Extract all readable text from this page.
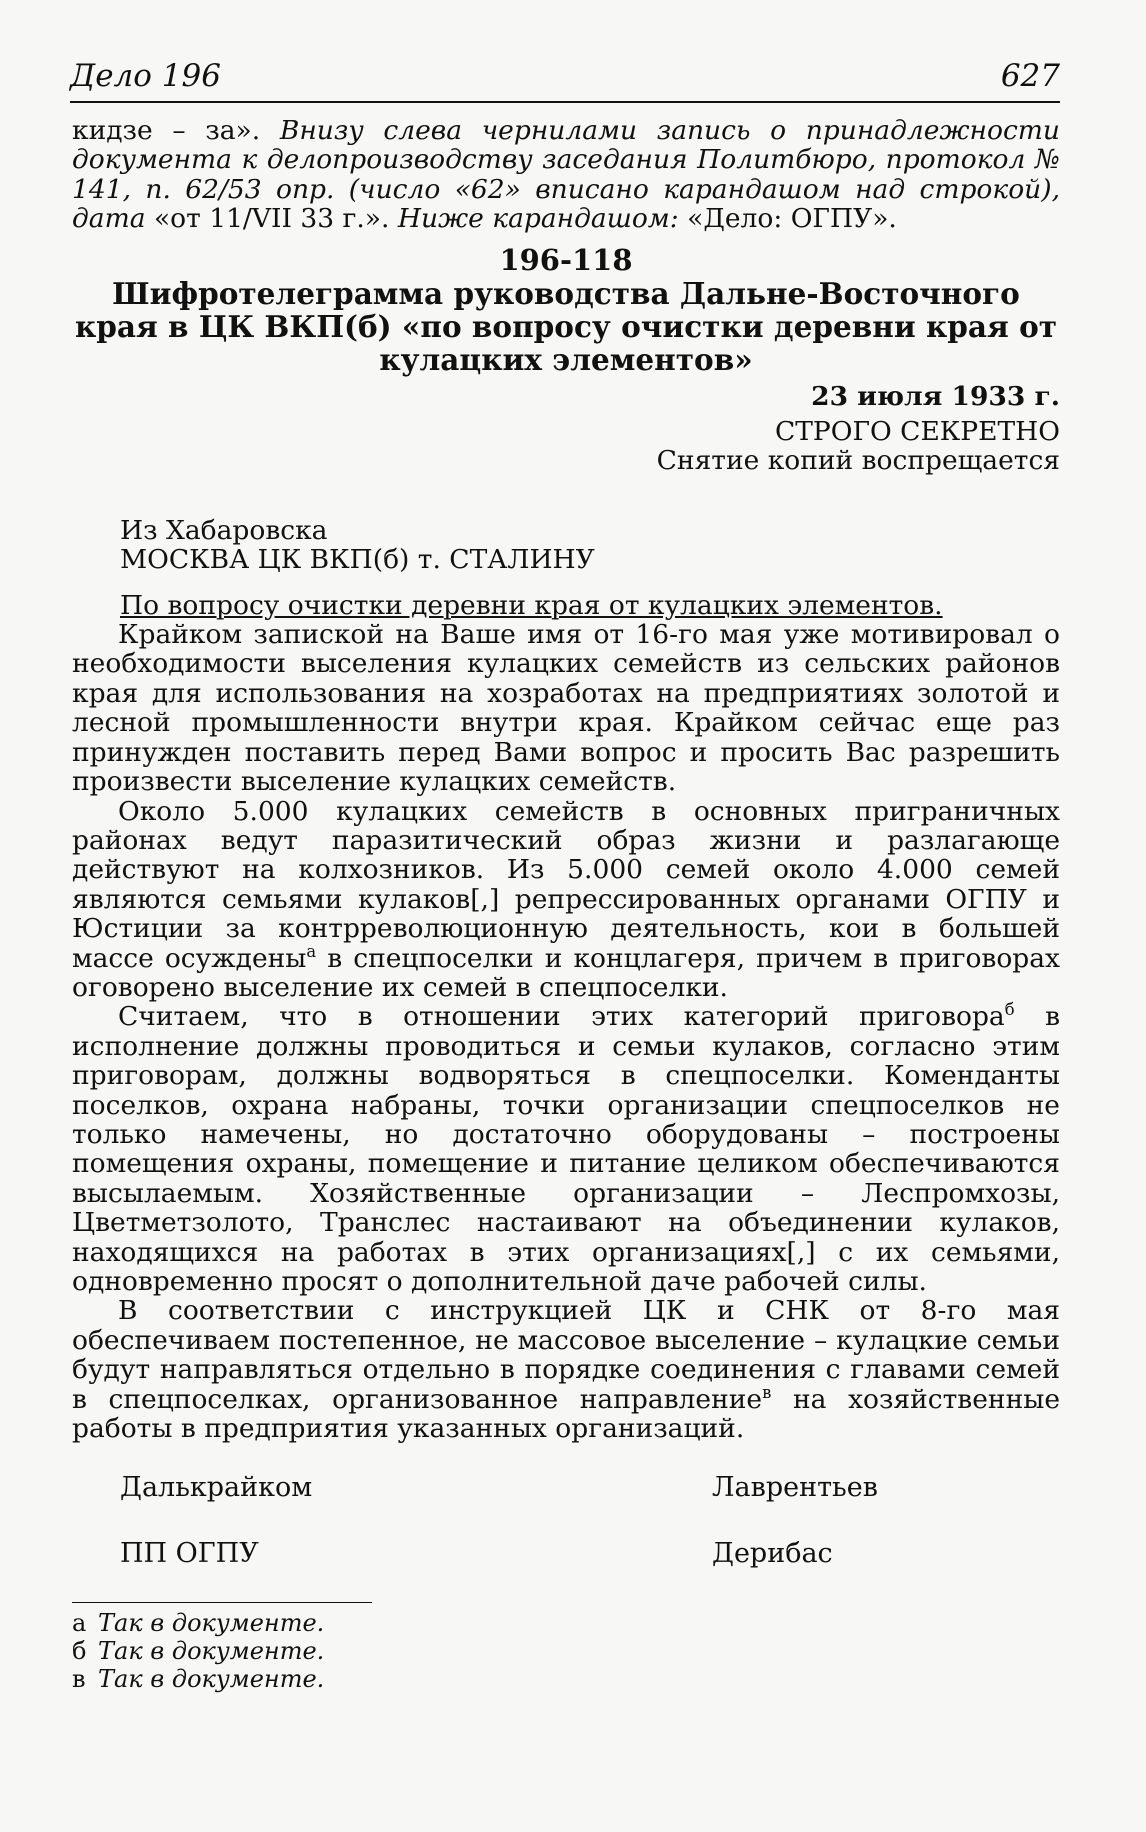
Дело 196	627

кидзе – за». Внизу слева чернилами запись о принадлежности документа к делопроизводству заседания Политбюро, протокол № 141, п. 62/53 опр. (число «62» вписано карандашом над строкой), дата «от 11/VII 33 г.». Ниже карандашом: «Дело: ОГПУ».

196-118

Шифротелеграмма руководства Дальне-Восточного края в ЦК ВКП(б) «по вопросу очистки деревни края от кулацких элементов»

23 июля 1933 г.

СТРОГО СЕКРЕТНО

Снятие копий воспрещается

Из Хабаровска

МОСКВА ЦК ВКП(б) т. СТАЛИНУ

По вопросу очистки деревни края от кулацких элементов.

Крайком запиской на Ваше имя от 16-го мая уже мотивировал о необходимости выселения кулацких семейств из сельских районов края для использования на хозработах на предприятиях золотой и лесной промышленности внутри края. Крайком сейчас еще раз принужден поставить перед Вами вопрос и просить Вас разрешить произвести выселение кулацких семейств.

Около 5.000 кулацких семейств в основных приграничных районах ведут паразитический образ жизни и разлагающе действуют на колхозников. Из 5.000 семей около 4.000 семей являются семьями кулаков[,] репрессированных органами ОГПУ и Юстиции за контрреволюционную деятельность, кои в большей массе осуждены$^а$ в спецпоселки и концлагеря, причем в приговорах оговорено выселение их семей в спецпоселки.

Считаем, что в отношении этих категорий приговора$^б$ в исполнение должны проводиться и семьи кулаков, согласно этим приговорам, должны водворяться в спецпоселки. Коменданты поселков, охрана набраны, точки организации спецпоселков не только намечены, но достаточно оборудованы – построены помещения охраны, помещение и питание целиком обеспечиваются высылаемым. Хозяйственные организации – Леспромхозы, Цветметзолото, Транслес настаивают на объединении кулаков, находящихся на работах в этих организациях[,] с их семьями, одновременно просят о дополнительной даче рабочей силы.

В соответствии с инструкцией ЦК и СНК от 8-го мая обеспечиваем постепенное, не массовое выселение – кулацкие семьи будут направляться отдельно в порядке соединения с главами семей в спецпоселках, организованное направление$^в$ на хозяйственные работы в предприятия указанных организаций.

Далькрайком	Лаврентьев
ПП ОГПУ	Дерибас

а Так в документе.

б Так в документе.

в Так в документе.
